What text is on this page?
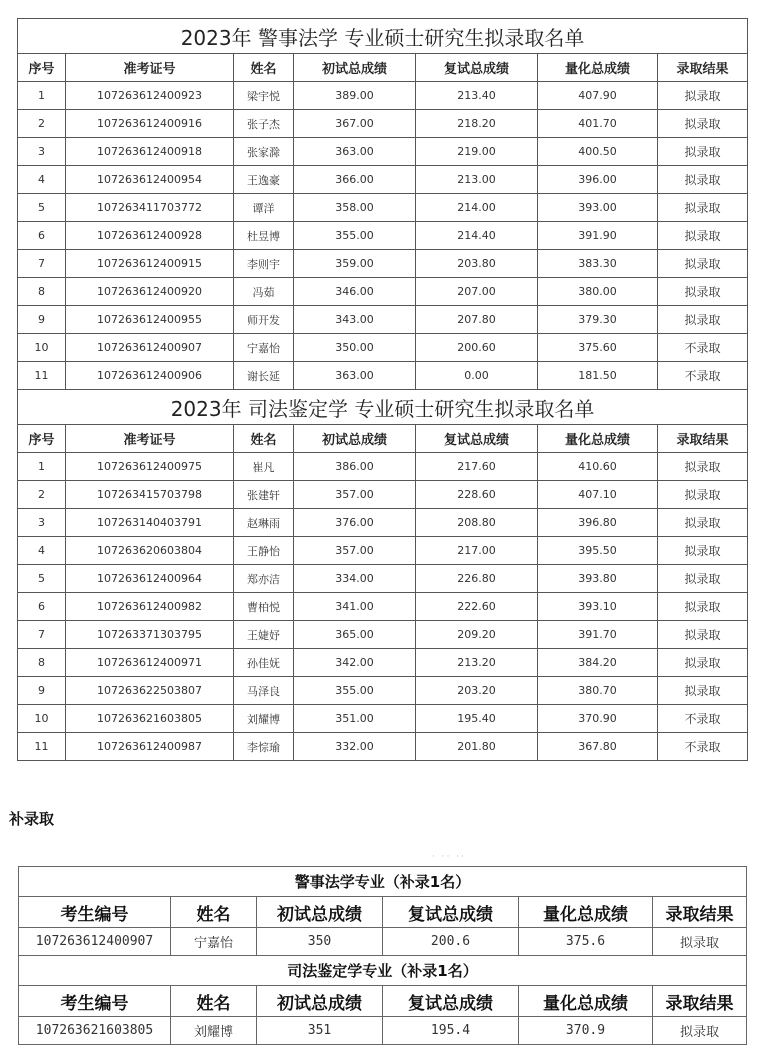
2023年 警事法学 专业硕士研究生拟录取名单						
序号	准考证号	姓名	初试总成绩	复试总成绩	量化总成绩	录取结果
1	107263612400923	梁宇悦	389.00	213.40	407.90	拟录取
2	107263612400916	张子杰	367.00	218.20	401.70	拟录取
3	107263612400918	张家滁	363.00	219.00	400.50	拟录取
4	107263612400954	王逸豪	366.00	213.00	396.00	拟录取
5	107263411703772	谭洋	358.00	214.00	393.00	拟录取
6	107263612400928	杜昱博	355.00	214.40	391.90	拟录取
7	107263612400915	李则宇	359.00	203.80	383.30	拟录取
8	107263612400920	冯茹	346.00	207.00	380.00	拟录取
9	107263612400955	师开发	343.00	207.80	379.30	拟录取
10	107263612400907	宁嘉怡	350.00	200.60	375.60	不录取
11	107263612400906	谢长延	363.00	0.00	181.50	不录取
2023年 司法鉴定学 专业硕士研究生拟录取名单						
序号	准考证号	姓名	初试总成绩	复试总成绩	量化总成绩	录取结果
1	107263612400975	崔凡	386.00	217.60	410.60	拟录取
2	107263415703798	张建轩	357.00	228.60	407.10	拟录取
3	107263140403791	赵琳雨	376.00	208.80	396.80	拟录取
4	107263620603804	王静怡	357.00	217.00	395.50	拟录取
5	107263612400964	郑亦洁	334.00	226.80	393.80	拟录取
6	107263612400982	曹柏悦	341.00	222.60	393.10	拟录取
7	107263371303795	王婕妤	365.00	209.20	391.70	拟录取
8	107263612400971	孙佳妩	342.00	213.20	384.20	拟录取
9	107263622503807	马泽良	355.00	203.20	380.70	拟录取
10	107263621603805	刘耀博	351.00	195.40	370.90	不录取
11	107263612400987	李悰瑜	332.00	201.80	367.80	不录取
补录取
· ·· ··
警事法学专业（补录1名）					
考生编号	姓名	初试总成绩	复试总成绩	量化总成绩	录取结果
107263612400907	宁嘉怡	350	200.6	375.6	拟录取
司法鉴定学专业（补录1名）					
考生编号	姓名	初试总成绩	复试总成绩	量化总成绩	录取结果
107263621603805	刘耀博	351	195.4	370.9	拟录取
